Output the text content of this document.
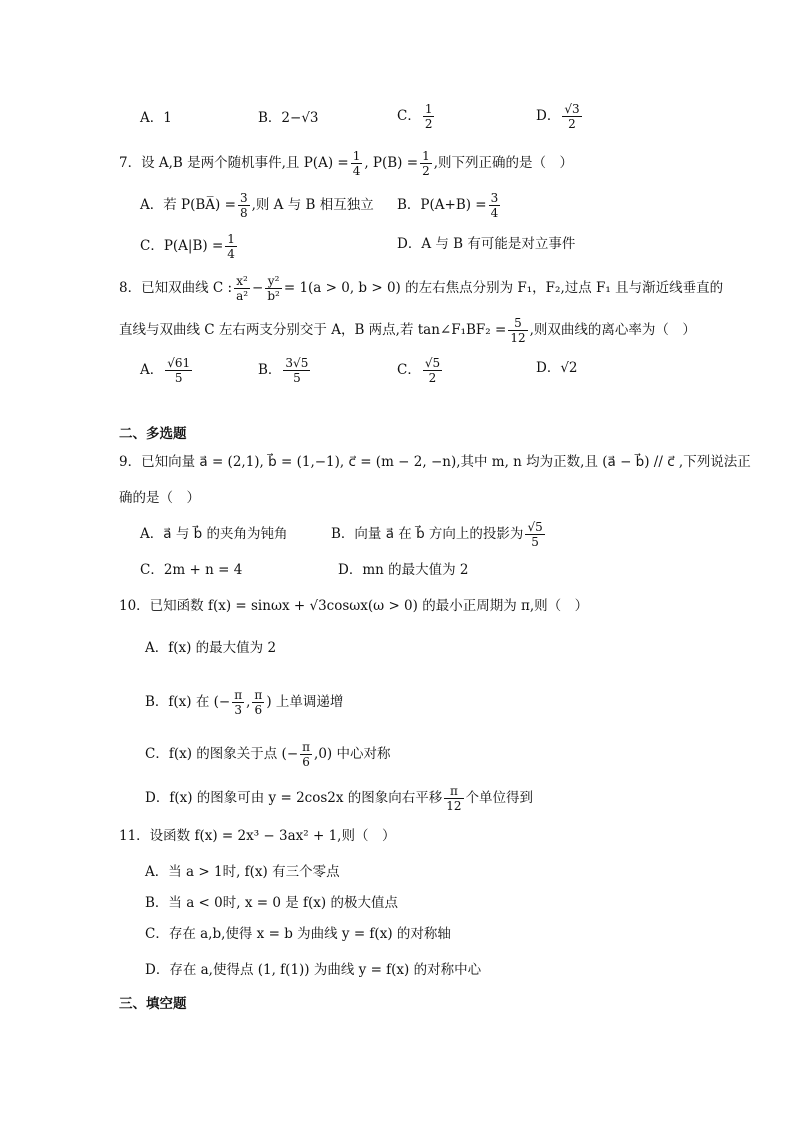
A．1	B．2−√3	C． $\frac{1}{2}$	D． $\frac{√3}{2}$
7．设 A,B 是两个随机事件,且 $P(A) = \frac{1}{4}$ , $P(B) = \frac{1}{2}$ ,则下列正确的是（　）
A．若 P(BA̅) = $\frac{3}{8}$ ,则 A 与 B 相互独立 B．$P(A+B) = \frac{3}{4}$
C．$P(A|B) = \frac{1}{4}$	D．A 与 B 有可能是对立事件
8．已知双曲线 C : $\frac{\text{x²}}{\text{a²}} - \frac{\text{y²}}{\text{b²}} = 1(a > 0$, b > 0) 的左右焦点分别为 F₁，F₂,过点 F₁ 且与渐近线垂直的
直线与双曲线 C 左右两支分别交于 A，B 两点,若 tan∠F₁BF₂ = $\frac{5}{12}$ ,则双曲线的离心率为（　）
A． $\frac{√61}{5}$	B． $\frac{3√5}{5}$	C． $\frac{√5}{2}$	D．√2
二、多选题
9．已知向量 a⃗ = (2,1), b⃗ = (1,−1), c⃗ = (m − 2, −n),其中 m, n 均为正数,且 (a⃗ − b⃗) // c⃗ ,下列说法正
确的是（　）
A．a⃗ 与 b⃗ 的夹角为钝角	B．向量 a⃗ 在 b⃗ 方向上的投影为 $\frac{√5}{5}$
C．2m + n = 4	D．mn 的最大值为 2
10．已知函数 f(x) = sinωx + √3cosωx(ω > 0) 的最小正周期为 π,则（　）
A．f(x) 的最大值为 2
B．f(x) 在 (− $\frac{\pi}{3}$ , $\frac{\pi}{6}$ ) 上单调递增
C．f(x) 的图象关于点 (− $\frac{\pi}{6} ,0$) 中心对称
D．f(x) 的图象可由 y = 2cos2x 的图象向右平移 $\frac{\pi}{12}$ 个单位得到
11．设函数 f(x) = 2x³ − 3ax² + 1,则（　）
A．当 a > 1时, f(x) 有三个零点
B．当 a < 0时, x = 0 是 f(x) 的极大值点
C．存在 a,b,使得 x = b 为曲线 y = f(x) 的对称轴
D．存在 a,使得点 (1, f(1)) 为曲线 y = f(x) 的对称中心
三、填空题
